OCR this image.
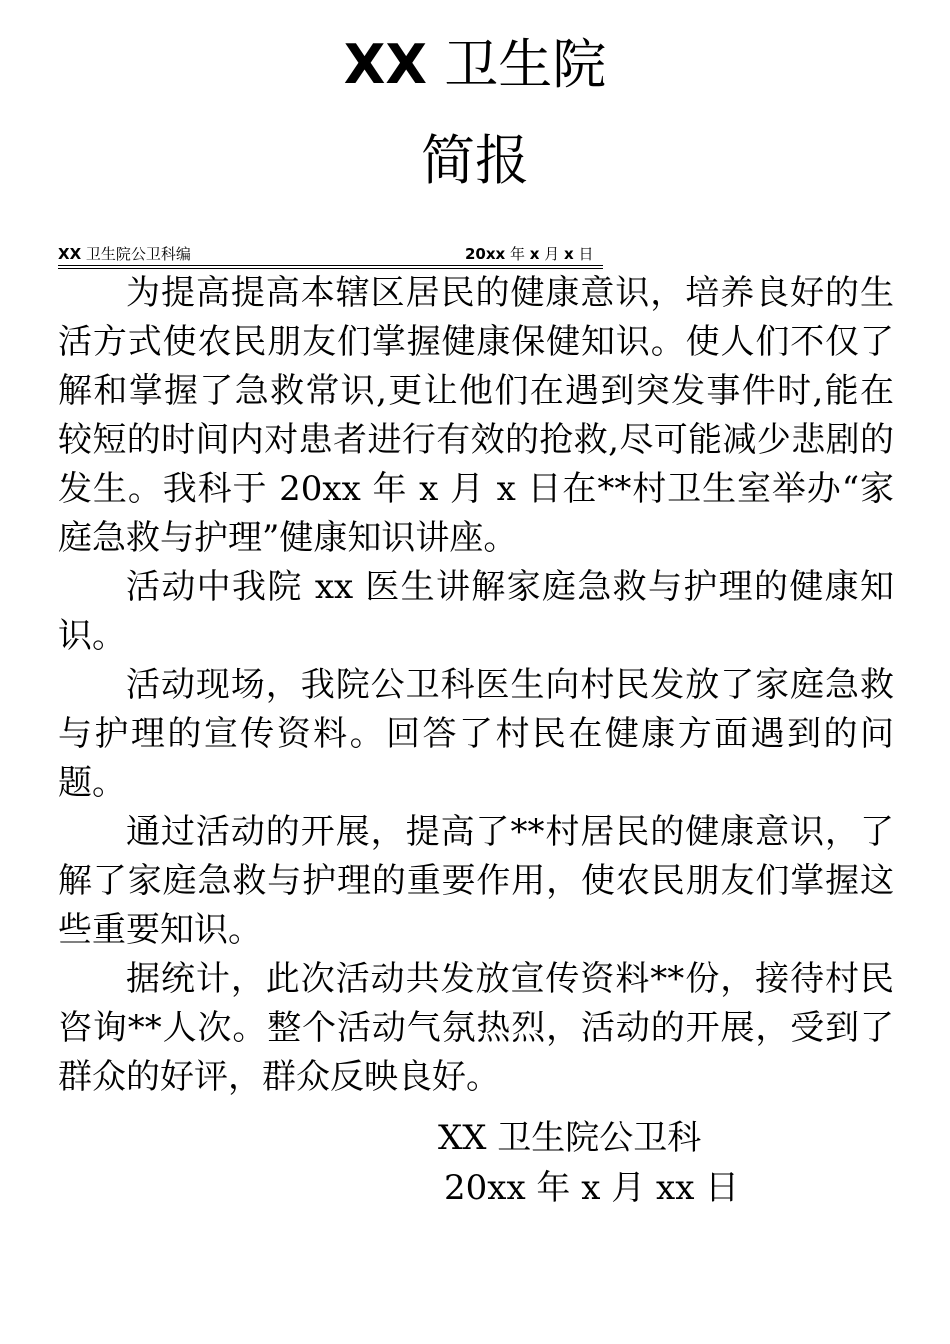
XX 卫生院
简报
XX 卫生院公卫科编	20xx 年 x 月 x 日

为提高提高本辖区居民的健康意识，培养良好的生活方式使农民朋友们掌握健康保健知识。使人们不仅了解和掌握了急救常识,更让他们在遇到突发事件时,能在较短的时间内对患者进行有效的抢救,尽可能减少悲剧的发生。我科于 20xx 年 x 月 x 日在**村卫生室举办“家庭急救与护理”健康知识讲座。

活动中我院 xx 医生讲解家庭急救与护理的健康知识。

活动现场，我院公卫科医生向村民发放了家庭急救与护理的宣传资料。回答了村民在健康方面遇到的问题。

通过活动的开展，提高了**村居民的健康意识，了解了家庭急救与护理的重要作用，使农民朋友们掌握这些重要知识。

据统计，此次活动共发放宣传资料**份，接待村民咨询**人次。整个活动气氛热烈，活动的开展，受到了群众的好评，群众反映良好。

XX 卫生院公卫科
20xx 年 x 月 xx 日
